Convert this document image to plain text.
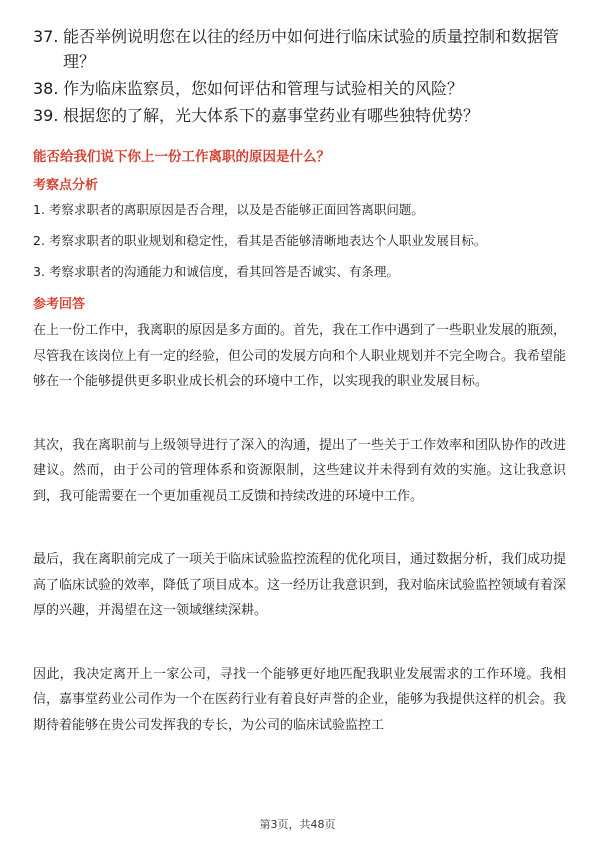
37. 能否举例说明您在以往的经历中如何进行临床试验的质量控制和数据管理？
38. 作为临床监察员，您如何评估和管理与试验相关的风险？
39. 根据您的了解，光大体系下的嘉事堂药业有哪些独特优势？
能否给我们说下你上一份工作离职的原因是什么？
考察点分析
1. 考察求职者的离职原因是否合理，以及是否能够正面回答离职问题。
2. 考察求职者的职业规划和稳定性，看其是否能够清晰地表达个人职业发展目标。
3. 考察求职者的沟通能力和诚信度，看其回答是否诚实、有条理。
参考回答

在上一份工作中，我离职的原因是多方面的。首先，我在工作中遇到了一些职业发展的瓶颈，尽管我在该岗位上有一定的经验，但公司的发展方向和个人职业规划并不完全吻合。我希望能够在一个能够提供更多职业成长机会的环境中工作，以实现我的职业发展目标。

其次，我在离职前与上级领导进行了深入的沟通，提出了一些关于工作效率和团队协作的改进建议。然而，由于公司的管理体系和资源限制，这些建议并未得到有效的实施。这让我意识到，我可能需要在一个更加重视员工反馈和持续改进的环境中工作。

最后，我在离职前完成了一项关于临床试验监控流程的优化项目，通过数据分析，我们成功提高了临床试验的效率，降低了项目成本。这一经历让我意识到，我对临床试验监控领域有着深厚的兴趣，并渴望在这一领域继续深耕。

因此，我决定离开上一家公司，寻找一个能够更好地匹配我职业发展需求的工作环境。我相信，嘉事堂药业公司作为一个在医药行业有着良好声誉的企业，能够为我提供这样的机会。我期待着能够在贵公司发挥我的专长，为公司的临床试验监控工

第3页，共48页
